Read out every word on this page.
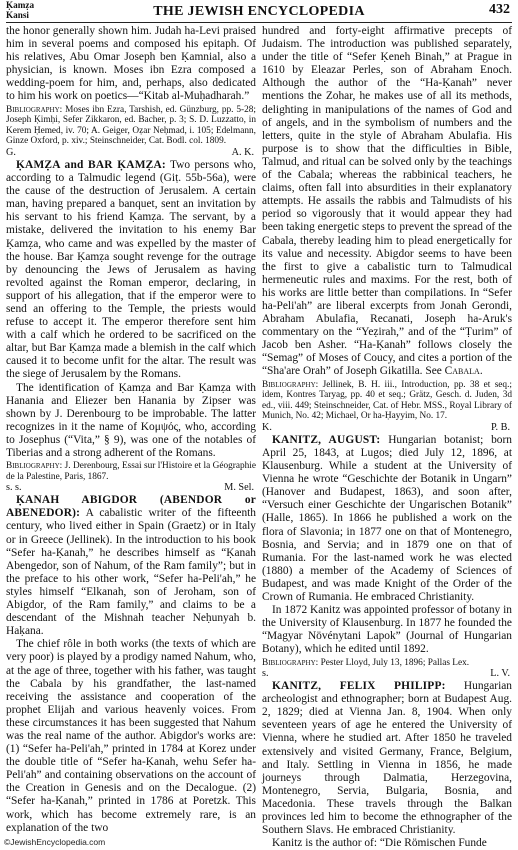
Ḳamẓa
Kansi	THE JEWISH ENCYCLOPEDIA	432

the honor generally shown him. Judah ha-Levi praised him in several poems and composed his epitaph. Of his relatives, Abu Omar Joseph ben Ḳamnial, also a physician, is known. Moses ibn Ezra composed a wedding-poem for him, and, perhaps, also dedicated to him his work on poetics—“Kitab al-Muḥadharah.”

Bibliography: Moses ibn Ezra, Tarshish, ed. Günzburg, pp. 5-28; Joseph Ḳimḥi, Sefer Zikkaron, ed. Bacher, p. 3; S. D. Luzzatto, in Kerem Ḥemed, iv. 70; A. Geiger, Oẓar Neḥmad, i. 105; Edelmann, Ginze Oxford, p. xiv.; Steinschneider, Cat. Bodl. col. 1809.
G.	A. K.

ḲAMẒA and BAR ḲAMẒA: Two persons who, according to a Talmudic legend (Giṭ. 55b-56a), were the cause of the destruction of Jerusalem. A certain man, having prepared a banquet, sent an invitation by his servant to his friend Ḳamẓa. The servant, by a mistake, delivered the invitation to his enemy Bar Ḳamẓa, who came and was expelled by the master of the house. Bar Ḳamẓa sought revenge for the outrage by denouncing the Jews of Jerusalem as having revolted against the Roman emperor, declaring, in support of his allegation, that if the emperor were to send an offering to the Temple, the priests would refuse to accept it. The emperor therefore sent him with a calf which he ordered to be sacrificed on the altar, but Bar Ḳamẓa made a blemish in the calf which caused it to become unfit for the altar. The result was the siege of Jerusalem by the Romans.

The identification of Ḳamẓa and Bar Ḳamẓa with Hanania and Eliezer ben Hanania by Zipser was shown by J. Derenbourg to be improbable. The latter recognizes in it the name of Κομψός, who, according to Josephus (“Vita,” § 9), was one of the notables of Tiberias and a strong adherent of the Romans.

Bibliography: J. Derenbourg, Essai sur l'Histoire et la Géographie de la Palestine, Paris, 1867.
s. s.	M. Sel.

ḲANAH ABIGDOR (ABENDOR or ABENEDOR): A cabalistic writer of the fifteenth century, who lived either in Spain (Graetz) or in Italy or in Greece (Jellinek). In the introduction to his book “Sefer ha-Ḳanah,” he describes himself as “Ḳanah Abengedor, son of Nahum, of the Ram family”; but in the preface to his other work, “Sefer ha-Peli'ah,” he styles himself “Elkanah, son of Jeroham, son of Abigdor, of the Ram family,” and claims to be a descendant of the Mishnah teacher Neḥunyah b. Haḳana.

The chief rôle in both works (the texts of which are very poor) is played by a prodigy named Nahum, who, at the age of three, together with his father, was taught the Cabala by his grandfather, the last-named receiving the assistance and cooperation of the prophet Elijah and various heavenly voices. From these circumstances it has been suggested that Nahum was the real name of the author. Abigdor's works are: (1) “Sefer ha-Peli'ah,” printed in 1784 at Korez under the double title of “Sefer ha-Ḳanah, wehu Sefer ha-Peli'ah” and containing observations on the account of the Creation in Genesis and on the Decalogue. (2) “Sefer ha-Ḳanah,” printed in 1786 at Poretzk. This work, which has become extremely rare, is an explanation of the two

hundred and forty-eight affirmative precepts of Judaism. The introduction was published separately, under the title of “Sefer Ḳeneh Binah,” at Prague in 1610 by Eleazar Perles, son of Abraham Enoch. Although the author of the “Ha-Ḳanah” never mentions the Zohar, he makes use of all its methods, delighting in manipulations of the names of God and of angels, and in the symbolism of numbers and the letters, quite in the style of Abraham Abulafia. His purpose is to show that the difficulties in Bible, Talmud, and ritual can be solved only by the teachings of the Cabala; whereas the rabbinical teachers, he claims, often fall into absurdities in their explanatory attempts. He assails the rabbis and Talmudists of his period so vigorously that it would appear they had been taking energetic steps to prevent the spread of the Cabala, thereby leading him to plead energetically for its value and necessity. Abigdor seems to have been the first to give a cabalistic turn to Talmudical hermeneutic rules and maxims. For the rest, both of his works are little better than compilations. In “Sefer ha-Peli'ah” are liberal excerpts from Jonah Gerondi, Abraham Abulafia, Recanati, Joseph ha-Aruk's commentary on the “Yeẓirah,” and of the “Ṭurim” of Jacob ben Asher. “Ha-Ḳanah” follows closely the “Semag” of Moses of Coucy, and cites a portion of the “Sha'are Orah” of Joseph Gikatilla. See Cabala.

Bibliography: Jellinek, B. H. iii., Introduction, pp. 38 et seq.; idem, Kontres Taryag, pp. 40 et seq.; Grätz, Gesch. d. Juden, 3d ed., viii. 449; Steinschneider, Cat. of Hebr. MSS., Royal Library of Munich, No. 42; Michael, Or ha-Ḥayyim, No. 17.
K.	P. B.

KANITZ, AUGUST: Hungarian botanist; born April 25, 1843, at Lugos; died July 12, 1896, at Klausenburg. While a student at the University of Vienna he wrote “Geschichte der Botanik in Ungarn” (Hanover and Budapest, 1863), and soon after, “Versuch einer Geschichte der Ungarischen Botanik” (Halle, 1865). In 1866 he published a work on the flora of Slavonia; in 1877 one on that of Montenegro, Bosnia, and Servia; and in 1879 one on that of Rumania. For the last-named work he was elected (1880) a member of the Academy of Sciences of Budapest, and was made Knight of the Order of the Crown of Rumania. He embraced Christianity.

In 1872 Kanitz was appointed professor of botany in the University of Klausenburg. In 1877 he founded the “Magyar Növénytani Lapok” (Journal of Hungarian Botany), which he edited until 1892.

Bibliography: Pester Lloyd, July 13, 1896; Pallas Lex.
s.	L. V.

KANITZ, FELIX PHILIPP: Hungarian archeologist and ethnographer; born at Budapest Aug. 2, 1829; died at Vienna Jan. 8, 1904. When only seventeen years of age he entered the University of Vienna, where he studied art. After 1850 he traveled extensively and visited Germany, France, Belgium, and Italy. Settling in Vienna in 1856, he made journeys through Dalmatia, Herzegovina, Montenegro, Servia, Bulgaria, Bosnia, and Macedonia. These travels through the Balkan provinces led him to become the ethnographer of the Southern Slavs. He embraced Christianity.

Kanitz is the author of: “Die Römischen Funde

©JewishEncyclopedia.com
